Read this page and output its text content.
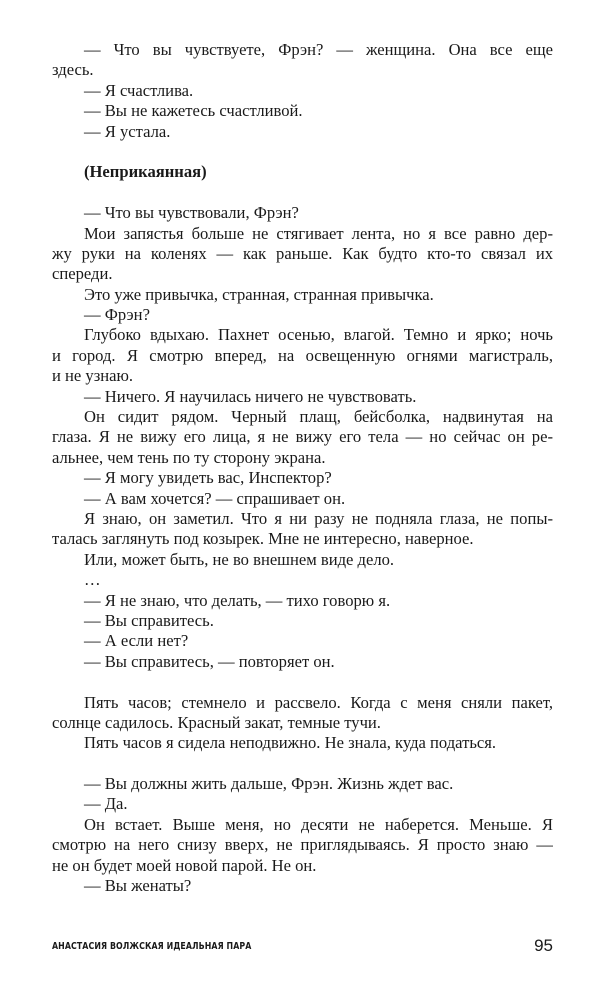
— Что вы чувствуете, Фрэн? — женщина. Она все еще
здесь.
— Я счастлива.
— Вы не кажетесь счастливой.
— Я устала.
(Неприкаянная)
— Что вы чувствовали, Фрэн?
Мои запястья больше не стягивает лента, но я все равно дер-
жу руки на коленях — как раньше. Как будто кто-то связал их
спереди.
Это уже привычка, странная, странная привычка.
— Фрэн?
Глубоко вдыхаю. Пахнет осенью, влагой. Темно и ярко; ночь
и город. Я смотрю вперед, на освещенную огнями магистраль,
и не узнаю.
— Ничего. Я научилась ничего не чувствовать.
Он сидит рядом. Черный плащ, бейсболка, надвинутая на
глаза. Я не вижу его лица, я не вижу его тела — но сейчас он ре-
альнее, чем тень по ту сторону экрана.
— Я могу увидеть вас, Инспектор?
— А вам хочется? — спрашивает он.
Я знаю, он заметил. Что я ни разу не подняла глаза, не попы-
талась заглянуть под козырек. Мне не интересно, наверное.
Или, может быть, не во внешнем виде дело.
…
— Я не знаю, что делать, — тихо говорю я.
— Вы справитесь.
— А если нет?
— Вы справитесь, — повторяет он.
Пять часов; стемнело и рассвело. Когда с меня сняли пакет,
солнце садилось. Красный закат, темные тучи.
Пять часов я сидела неподвижно. Не знала, куда податься.
— Вы должны жить дальше, Фрэн. Жизнь ждет вас.
— Да.
Он встает. Выше меня, но десяти не наберется. Меньше. Я
смотрю на него снизу вверх, не приглядываясь. Я просто знаю —
не он будет моей новой парой. Не он.
— Вы женаты?
АНАСТАСИЯ ВОЛЖСКАЯ ИДЕАЛЬНАЯ ПАРА	95
